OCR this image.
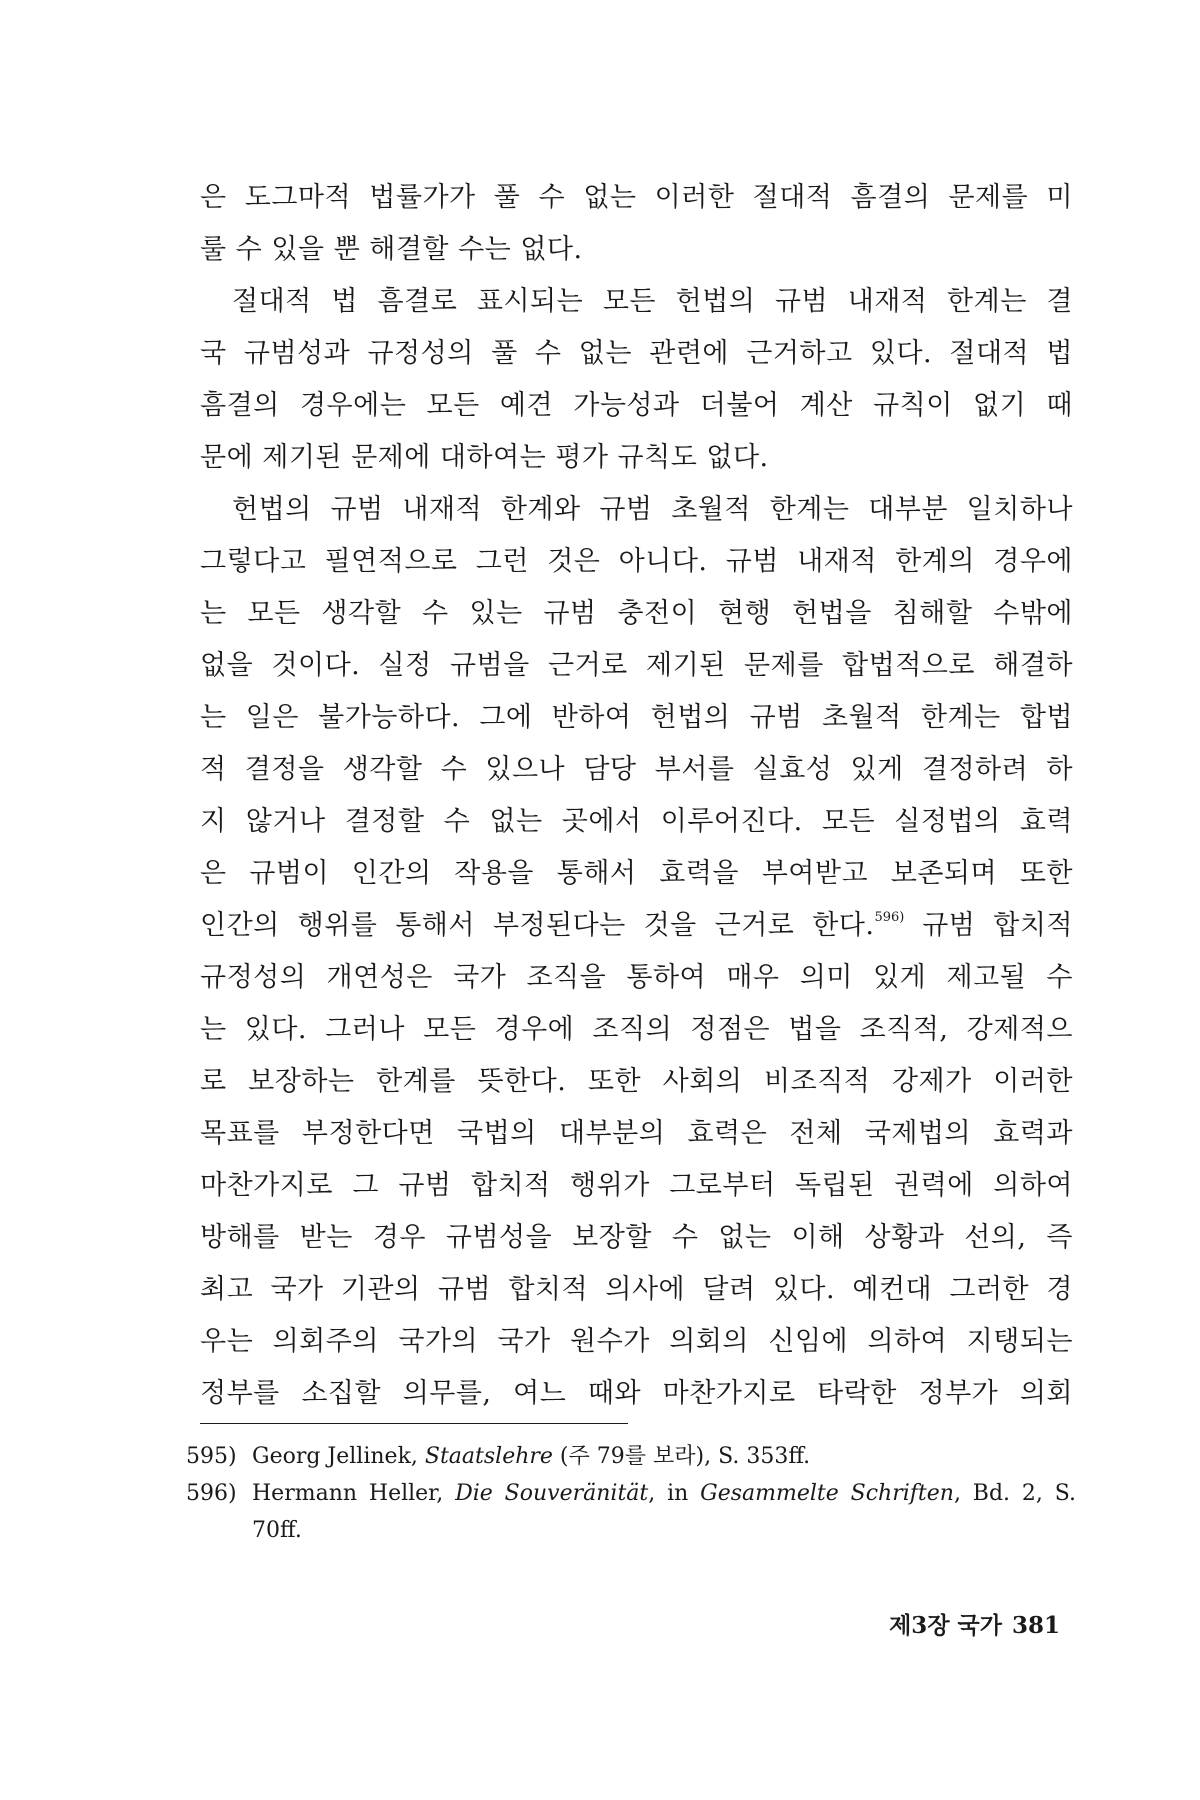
은 도그마적 법률가가 풀 수 없는 이러한 절대적 흠결의 문제를 미
룰 수 있을 뿐 해결할 수는 없다.
절대적 법 흠결로 표시되는 모든 헌법의 규범 내재적 한계는 결
국 규범성과 규정성의 풀 수 없는 관련에 근거하고 있다. 절대적 법
흠결의 경우에는 모든 예견 가능성과 더불어 계산 규칙이 없기 때
문에 제기된 문제에 대하여는 평가 규칙도 없다.
헌법의 규범 내재적 한계와 규범 초월적 한계는 대부분 일치하나
그렇다고 필연적으로 그런 것은 아니다. 규범 내재적 한계의 경우에
는 모든 생각할 수 있는 규범 충전이 현행 헌법을 침해할 수밖에
없을 것이다. 실정 규범을 근거로 제기된 문제를 합법적으로 해결하
는 일은 불가능하다. 그에 반하여 헌법의 규범 초월적 한계는 합법
적 결정을 생각할 수 있으나 담당 부서를 실효성 있게 결정하려 하
지 않거나 결정할 수 없는 곳에서 이루어진다. 모든 실정법의 효력
은 규범이 인간의 작용을 통해서 효력을 부여받고 보존되며 또한
인간의 행위를 통해서 부정된다는 것을 근거로 한다.$^{596)}$ 규범 합치적
규정성의 개연성은 국가 조직을 통하여 매우 의미 있게 제고될 수
는 있다. 그러나 모든 경우에 조직의 정점은 법을 조직적, 강제적으
로 보장하는 한계를 뜻한다. 또한 사회의 비조직적 강제가 이러한
목표를 부정한다면 국법의 대부분의 효력은 전체 국제법의 효력과
마찬가지로 그 규범 합치적 행위가 그로부터 독립된 권력에 의하여
방해를 받는 경우 규범성을 보장할 수 없는 이해 상황과 선의, 즉
최고 국가 기관의 규범 합치적 의사에 달려 있다. 예컨대 그러한 경
우는 의회주의 국가의 국가 원수가 의회의 신임에 의하여 지탱되는
정부를 소집할 의무를, 여느 때와 마찬가지로 타락한 정부가 의회
595) Georg Jellinek, Staatslehre (주 79를 보라), S. 353ff.
596) Hermann Heller, Die Souveränität, in Gesammelte Schriften, Bd. 2, S.
70ff.
제3장 국가 381
